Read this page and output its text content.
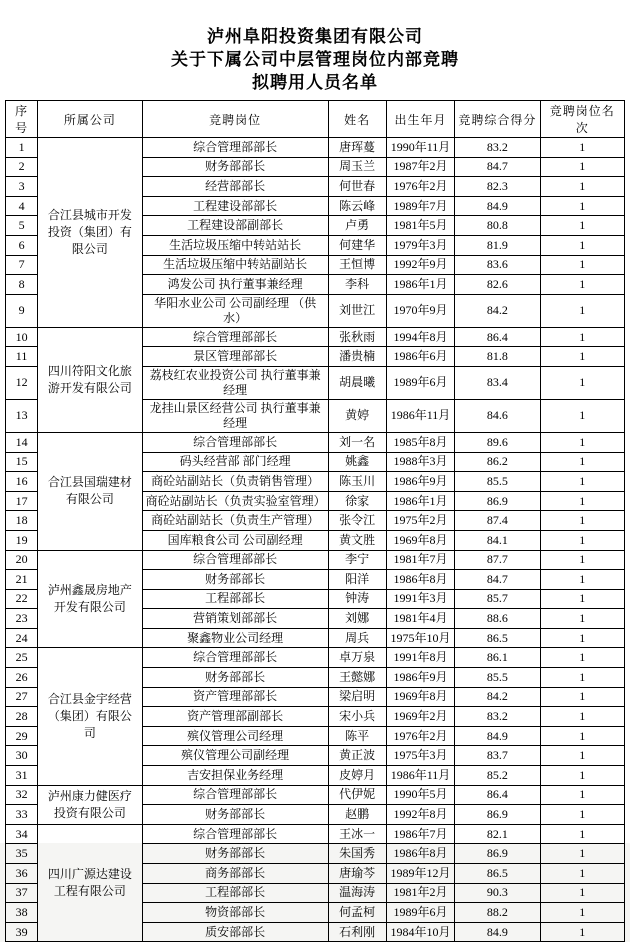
泸州阜阳投资集团有限公司
关于下属公司中层管理岗位内部竞聘
拟聘用人员名单
序号	所属公司	竞聘岗位	姓名	出生年月	竞聘综合得分	竞聘岗位名次
1	合江县城市开发投资（集团）有限公司	综合管理部部长	唐珲蔓	1990年11月	83.2	1
2		财务部部长	周玉兰	1987年2月	84.7	1
3		经营部部长	何世春	1976年2月	82.3	1
4		工程建设部部长	陈云峰	1989年7月	84.9	1
5		工程建设部副部长	卢勇	1981年5月	80.8	1
6		生活垃圾压缩中转站站长	何建华	1979年3月	81.9	1
7		生活垃圾压缩中转站副站长	王恒博	1992年9月	83.6	1
8		鸿发公司 执行董事兼经理	李科	1986年1月	82.6	1
9		华阳水业公司 公司副经理 （供水）	刘世江	1970年9月	84.2	1
10	四川符阳文化旅游开发有限公司	综合管理部部长	张秋雨	1994年8月	86.4	1
11		景区管理部部长	潘贵楠	1986年6月	81.8	1
12		荔枝红农业投资公司 执行董事兼经理	胡晨曦	1989年6月	83.4	1
13		龙挂山景区经营公司 执行董事兼经理	黄婷	1986年11月	84.6	1
14	合江县国瑞建材有限公司	综合管理部部长	刘一名	1985年8月	89.6	1
15		码头经营部 部门经理	姚鑫	1988年3月	86.2	1
16		商砼站副站长（负责销售管理）	陈玉川	1986年9月	85.5	1
17		商砼站副站长（负责实验室管理）	徐家	1986年1月	86.9	1
18		商砼站副站长（负责生产管理）	张令江	1975年2月	87.4	1
19		国库粮食公司 公司副经理	黄文胜	1969年8月	84.1	1
20	泸州鑫晟房地产开发有限公司	综合管理部部长	李宁	1981年7月	87.7	1
21		财务部部长	阳洋	1986年8月	84.7	1
22		工程部部长	钟涛	1991年3月	85.7	1
23		营销策划部部长	刘娜	1981年4月	88.6	1
24		聚鑫物业公司经理	周兵	1975年10月	86.5	1
25	合江县金宇经营（集团）有限公司	综合管理部部长	卓万泉	1991年8月	86.1	1
26		财务部部长	王懿娜	1986年9月	85.5	1
27		资产管理部部长	梁启明	1969年8月	84.2	1
28		资产管理部副部长	宋小兵	1969年2月	83.2	1
29		殡仪管理公司经理	陈平	1976年2月	84.9	1
30		殡仪管理公司副经理	黄正波	1975年3月	83.7	1
31		吉安担保业务经理	皮婷月	1986年11月	85.2	1
32	泸州康力健医疗投资有限公司	综合管理部部长	代伊妮	1990年5月	86.4	1
33		财务部部长	赵鹏	1992年8月	86.9	1
34	四川广源达建设工程有限公司	综合管理部部长	王冰一	1986年7月	82.1	1
35		财务部部长	朱国秀	1986年8月	86.9	1
36		商务部部长	唐瑜芩	1989年12月	86.5	1
37		工程部部长	温海涛	1981年2月	90.3	1
38		物资部部长	何孟柯	1989年6月	88.2	1
39		质安部部长	石利刚	1984年10月	84.9	1
